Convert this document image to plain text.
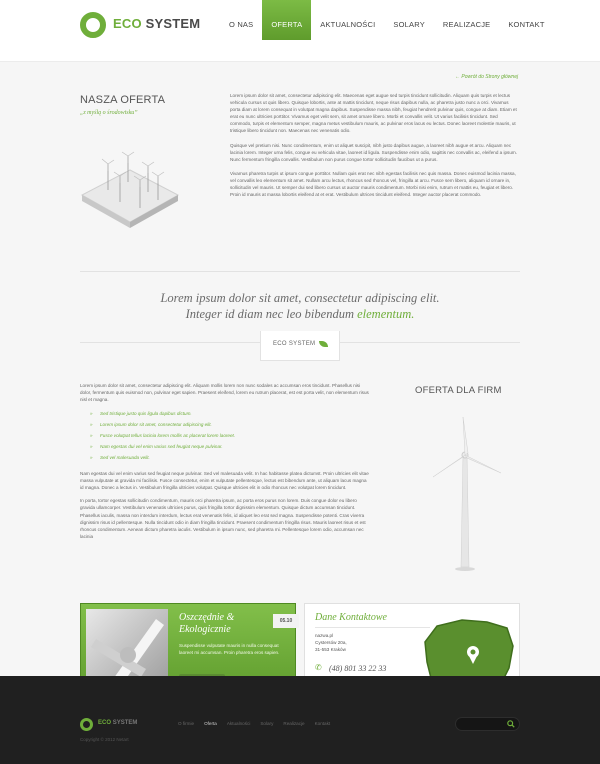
ECO SYSTEM	O NAS	OFERTA	AKTUALNOŚCI	SOLARY	REALIZACJE	KONTAKT
← Powrót do Strony głównej
NASZA OFERTA
„z myślą o środowisku”

Lorem ipsum dolor sit amet, consectetur adipiscing elit. Maecenas eget augue sed turpis tincidunt sollicitudin. Aliquam quis turpis et lectus vehicula cursus ut quis libero. Quisque lobortis, ante at mattis tincidunt, neque risus dapibus nulla, ac pharetra justo nunc a orci. Vivamus porta diam at lorem consequat in volutpat magna dapibus. Suspendisse massa nibh, feugiat hendrerit pulvinar quis, congue at diam. Etiam et erat eu nunc ultricies porttitor. Vivamus eget velit sem, sit amet ornare libero. Morbi et convallis velit. Ut varius facilisis tincidunt. Sed commodo, turpis et elementum semper, magna metus vestibulum mauris, ac pulvinar eros lacus eu lectus. Donec laoreet molestie mauris, ut tristique libero tincidunt non. Maecenas nec venenatis odio.

Quisque vel pretium nisi. Nunc condimentum, enim ut aliquet suscipit, nibh justo dapibus augue, a laoreet nibh augue et arcu. Aliquam nec lacinia lorem. Integer urna felis, congue eu vehicula vitae, laoreet id ligula. Suspendisse enim odio, sagittis nec convallis ac, eleifend a ipsum. Nunc fermentum fringilla convallis. Vestibulum non purus congue tortor sollicitudin faucibus ut a purus.

Vivamus pharetra turpis ut ipsum congue porttitor. Nullam quis erat nec nibh egestas facilisis nec quis massa. Donec euismod lacinia massa, vel convallis leo elementum sit amet. Nullam arcu lectus, rhoncus sed rhoncus vel, fringilla at arcu. Fusce sem libero, aliquam id ornare in, sollicitudin vel mauris. Ut semper dui sed libero cursus ut auctor mauris condimentum. Morbi nisi enim, rutrum et mattis eu, feugiat et libero. Proin id mauris at massa lobortis eleifend at et erat. Vestibulum ultrices tincidunt eleifend. Integer auctor placerat commodo.

Lorem ipsum dolor sit amet, consectetur adipiscing elit.
Integer id diam nec leo bibendum elementum.
ECO SYSTEM

Lorem ipsum dolor sit amet, consectetur adipiscing elit. Aliquam mollis lorem non nunc sodales ac accumsan eros tincidunt. Phasellus nisi dolor, fermentum quis euismod non, pulvinar eget sapien. Praesent eleifend, lorem eu rutrum placerat, est est porta velit, non elementum risus nisl et magna.

» Sed tristique justo quis ligula dapibus dictum.
» Lorem ipsum dolor sit amet, consectetur adipiscing elit.
» Fusce volutpat tellus lacinia lorem mollis ac placerat lorem laoreet.
» Nam egestas dui vel enim varius sed feugiat neque pulvinar.
» Sed vel malesuada velit.

Nam egestas dui vel enim varius sed feugiat neque pulvinar. Sed vel malesuada velit. In hac habitasse platea dictumst. Proin ultricies elit vitae massa vulputate at gravida mi facilisis. Fusce consectetur, enim et vulputate pellentesque, lectus est bibendum ante, ut aliquam lacus magna id magna. Donec a lectus in. Vestibulum fringilla ultricies volutpat. Quisque ultricies elit in odio rhoncus nec volutpat lorem tincidunt.

In porta, tortor egestas sollicitudin condimentum, mauris orci pharetra ipsum, ac porta eros purus non lorem. Duis congue dolor eu libero gravida ullamcorper. Vestibulum venenatis ultricies purus, quis fringilla tortor dignissim elementum. Quisque dictum accumsan tincidunt. Phasellus iaculis, massa non interdum interdum, lectus erat venenatis felis, id aliquet leo erat sed magna. Suspendisse potenti. Cras viverra dignissim risus id pellentesque. Nulla tincidunt odio in diam fringilla tincidunt. Praesent condimentum fringilla risus. Mauris laoreet risus et est rhoncus condimentum. Aenean dictum pharetra iaculis. Vestibulum in ipsum nunc, sed pharetra mi. Pellentesque lorem odio, accumsan nec lacinia

OFERTA DLA FIRM
Oszczędnie & Ekologicznie
05.10
Suspendisse vulputate mauris in nulla consequat laoreet mi accumsan. Proin pharetra eros sapien.
Dane Kontaktowe
nazwa.pl
Cystersów 20a,
31-553 Kraków
✆ (48) 801 33 22 33
ECO SYSTEM
Copyright © 2012 Netart
O firmie Oferta Aktualności Solary Realizacje Kontakt
